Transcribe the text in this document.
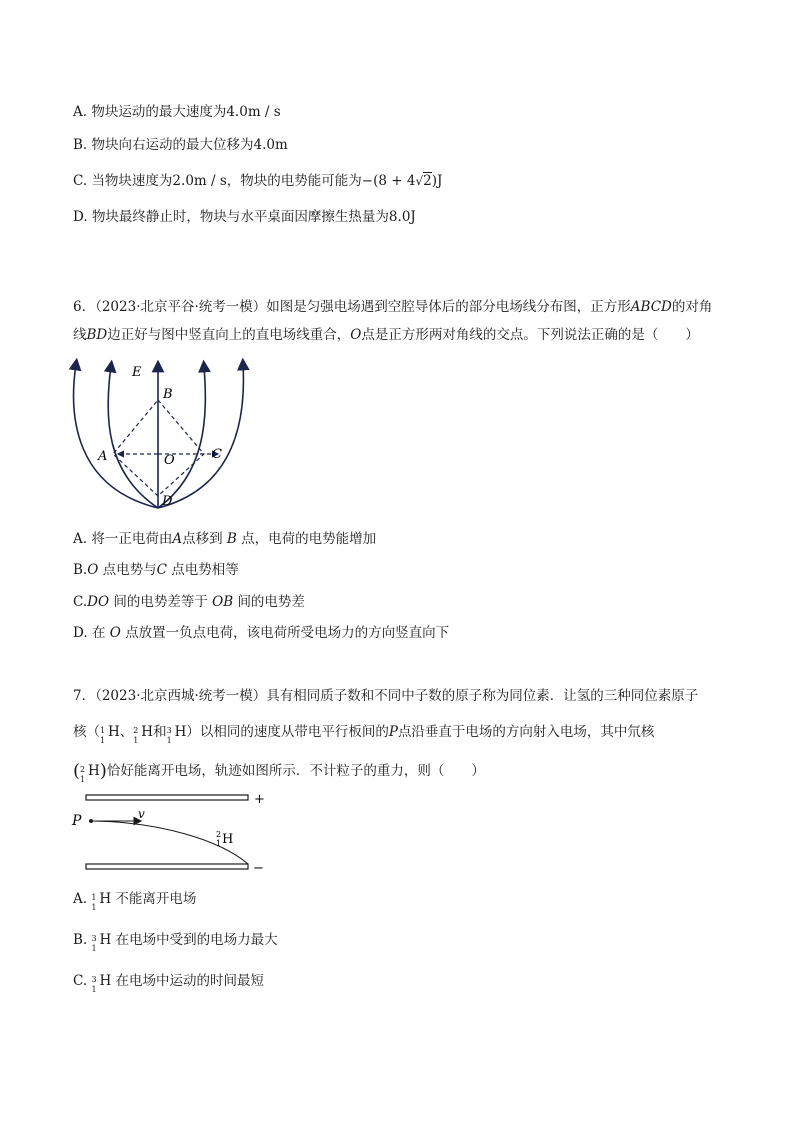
A. 物块运动的最大速度为4.0m / s
B. 物块向右运动的最大位移为4.0m
C. 当物块速度为2.0m / s，物块的电势能可能为−(8 + 4√2)J
D. 物块最终静止时，物块与水平桌面因摩擦生热量为8.0J
6．（2023·北京平谷·统考一模）如图是匀强电场遇到空腔导体后的部分电场线分布图，正方形ABCD的对角线BD边正好与图中竖直向上的直电场线重合，O点是正方形两对角线的交点。下列说法正确的是（　　）
E
B
A	C
O
D
A. 将一正电荷由A点移到 B 点，电荷的电势能增加
B.O 点电势与C 点电势相等
C.DO 间的电势差等于 OB 间的电势差
D. 在 O 点放置一负点电荷，该电荷所受电场力的方向竖直向下
7．（2023·北京西城·统考一模）具有相同质子数和不同中子数的原子称为同位素．让氢的三种同位素原子
核（ 1
1 H、 2
1 H和 3
1 H）以相同的速度从带电平行板间的P点沿垂直于电场的方向射入电场，其中氘核
( 2
1 H)恰好能离开电场，轨迹如图所示．不计粒子的重力，则（　　）
+
−
P	v
2
1 H
A. 1
1 H 不能离开电场
B. 3
1 H 在电场中受到的电场力最大
C. 3
1 H 在电场中运动的时间最短
